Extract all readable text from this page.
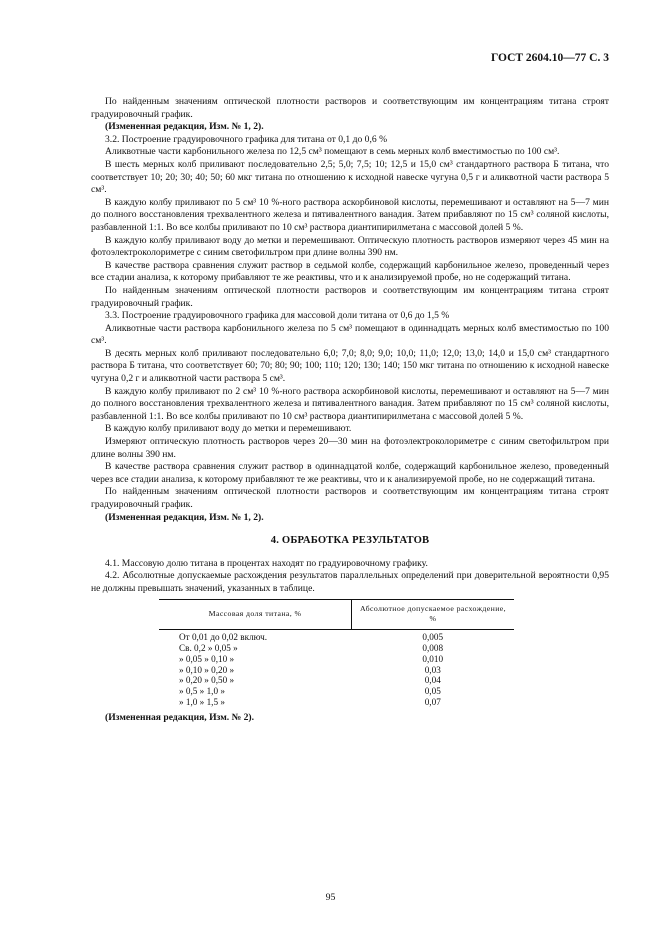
ГОСТ 2604.10—77 С. 3

По найденным значениям оптической плотности растворов и соответствующим им концентрациям титана строят градуировочный график.

(Измененная редакция, Изм. № 1, 2).

3.2. Построение градуировочного графика для титана от 0,1 до 0,6 %

Аликвотные части карбонильного железа по 12,5 см³ помещают в семь мерных колб вместимостью по 100 см³.

В шесть мерных колб приливают последовательно 2,5; 5,0; 7,5; 10; 12,5 и 15,0 см³ стандартного раствора Б титана, что соответствует 10; 20; 30; 40; 50; 60 мкг титана по отношению к исходной навеске чугуна 0,5 г и аликвотной части раствора 5 см³.

В каждую колбу приливают по 5 см³ 10 %-ного раствора аскорбиновой кислоты, перемешивают и оставляют на 5—7 мин до полного восстановления трехвалентного железа и пятивалентного ванадия. Затем прибавляют по 15 см³ соляной кислоты, разбавленной 1:1. Во все колбы приливают по 10 см³ раствора диантипирилметана с массовой долей 5 %.

В каждую колбу приливают воду до метки и перемешивают. Оптическую плотность растворов измеряют через 45 мин на фотоэлектроколориметре с синим светофильтром при длине волны 390 нм.

В качестве раствора сравнения служит раствор в седьмой колбе, содержащий карбонильное железо, проведенный через все стадии анализа, к которому прибавляют те же реактивы, что и к анализируемой пробе, но не содержащий титана.

По найденным значениям оптической плотности растворов и соответствующим им концентрациям титана строят градуировочный график.

3.3. Построение градуировочного графика для массовой доли титана от 0,6 до 1,5 %

Аликвотные части раствора карбонильного железа по 5 см³ помещают в одиннадцать мерных колб вместимостью по 100 см³.

В десять мерных колб приливают последовательно 6,0; 7,0; 8,0; 9,0; 10,0; 11,0; 12,0; 13,0; 14,0 и 15,0 см³ стандартного раствора Б титана, что соответствует 60; 70; 80; 90; 100; 110; 120; 130; 140; 150 мкг титана по отношению к исходной навеске чугуна 0,2 г и аликвотной части раствора 5 см³.

В каждую колбу приливают по 2 см³ 10 %-ного раствора аскорбиновой кислоты, перемешивают и оставляют на 5—7 мин до полного восстановления трехвалентного железа и пятивалентного ванадия. Затем прибавляют по 15 см³ соляной кислоты, разбавленной 1:1. Во все колбы приливают по 10 см³ раствора диантипирилметана с массовой долей 5 %.

В каждую колбу приливают воду до метки и перемешивают.

Измеряют оптическую плотность растворов через 20—30 мин на фотоэлектроколориметре с синим светофильтром при длине волны 390 нм.

В качестве раствора сравнения служит раствор в одиннадцатой колбе, содержащий карбонильное железо, проведенный через все стадии анализа, к которому прибавляют те же реактивы, что и к анализируемой пробе, но не содержащий титана.

По найденным значениям оптической плотности растворов и соответствующим им концентрациям титана строят градуировочный график.

(Измененная редакция, Изм. № 1, 2).

4. ОБРАБОТКА РЕЗУЛЬТАТОВ

4.1. Массовую долю титана в процентах находят по градуировочному графику.

4.2. Абсолютные допускаемые расхождения результатов параллельных определений при доверительной вероятности 0,95 не должны превышать значений, указанных в таблице.

Массовая доля титана, %	Абсолютное допускаемое расхождение, %
От 0,01 до 0,02 включ.	0,005
Св. 0,2 » 0,05 »	0,008
» 0,05 » 0,10 »	0,010
» 0,10 » 0,20 »	0,03
» 0,20 » 0,50 »	0,04
» 0,5 » 1,0 »	0,05
» 1,0 » 1,5 »	0,07

(Измененная редакция, Изм. № 2).

95
